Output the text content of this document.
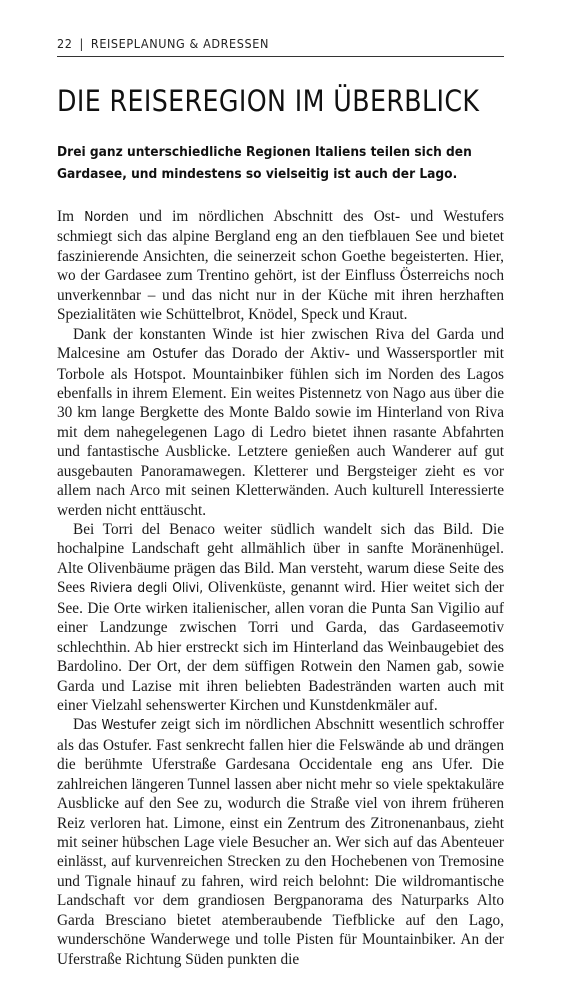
22 | REISEPLANUNG & ADRESSEN
DIE REISEREGION IM ÜBERBLICK

Drei ganz unterschiedliche Regionen Italiens teilen sich den Gardasee, und mindestens so vielseitig ist auch der Lago.

Im Norden und im nördlichen Abschnitt des Ost- und Westufers schmiegt sich das alpine Bergland eng an den tiefblauen See und bietet faszinierende Ansichten, die seinerzeit schon Goethe begeisterten. Hier, wo der Gardasee zum Trentino gehört, ist der Einfluss Österreichs noch unverkennbar – und das nicht nur in der Küche mit ihren herzhaften Spezialitäten wie Schüttelbrot, Knödel, Speck und Kraut.

Dank der konstanten Winde ist hier zwischen Riva del Garda und Malcesine am Ostufer das Dorado der Aktiv- und Wassersportler mit Torbole als Hotspot. Mountainbiker fühlen sich im Norden des Lagos ebenfalls in ihrem Element. Ein weites Pistennetz von Nago aus über die 30 km lange Bergkette des Monte Baldo sowie im Hinterland von Riva mit dem nahegelegenen Lago di Ledro bietet ihnen rasante Abfahrten und fantastische Ausblicke. Letztere genießen auch Wanderer auf gut ausgebauten Panoramawegen. Kletterer und Bergsteiger zieht es vor allem nach Arco mit seinen Kletterwänden. Auch kulturell Interessierte werden nicht enttäuscht.

Bei Torri del Benaco weiter südlich wandelt sich das Bild. Die hochalpine Landschaft geht allmählich über in sanfte Moränenhügel. Alte Olivenbäume prägen das Bild. Man versteht, warum diese Seite des Sees Riviera degli Olivi, Olivenküste, genannt wird. Hier weitet sich der See. Die Orte wirken italienischer, allen voran die Punta San Vigilio auf einer Landzunge zwischen Torri und Garda, das Gardaseemotiv schlechthin. Ab hier erstreckt sich im Hinterland das Weinbaugebiet des Bardolino. Der Ort, der dem süffigen Rotwein den Namen gab, sowie Garda und Lazise mit ihren beliebten Badestränden warten auch mit einer Vielzahl sehenswerter Kirchen und Kunstdenkmäler auf.

Das Westufer zeigt sich im nördlichen Abschnitt wesentlich schroffer als das Ostufer. Fast senkrecht fallen hier die Felswände ab und drängen die berühmte Uferstraße Gardesana Occidentale eng ans Ufer. Die zahlreichen längeren Tunnel lassen aber nicht mehr so viele spektakuläre Ausblicke auf den See zu, wodurch die Straße viel von ihrem früheren Reiz verloren hat. Limone, einst ein Zentrum des Zitronenanbaus, zieht mit seiner hübschen Lage viele Besucher an. Wer sich auf das Abenteuer einlässt, auf kurvenreichen Strecken zu den Hochebenen von Tremosine und Tignale hinauf zu fahren, wird reich belohnt: Die wildromantische Landschaft vor dem grandiosen Bergpanorama des Naturparks Alto Garda Bresciano bietet atemberaubende Tiefblicke auf den Lago, wunderschöne Wanderwege und tolle Pisten für Mountainbiker. An der Uferstraße Richtung Süden punkten die
